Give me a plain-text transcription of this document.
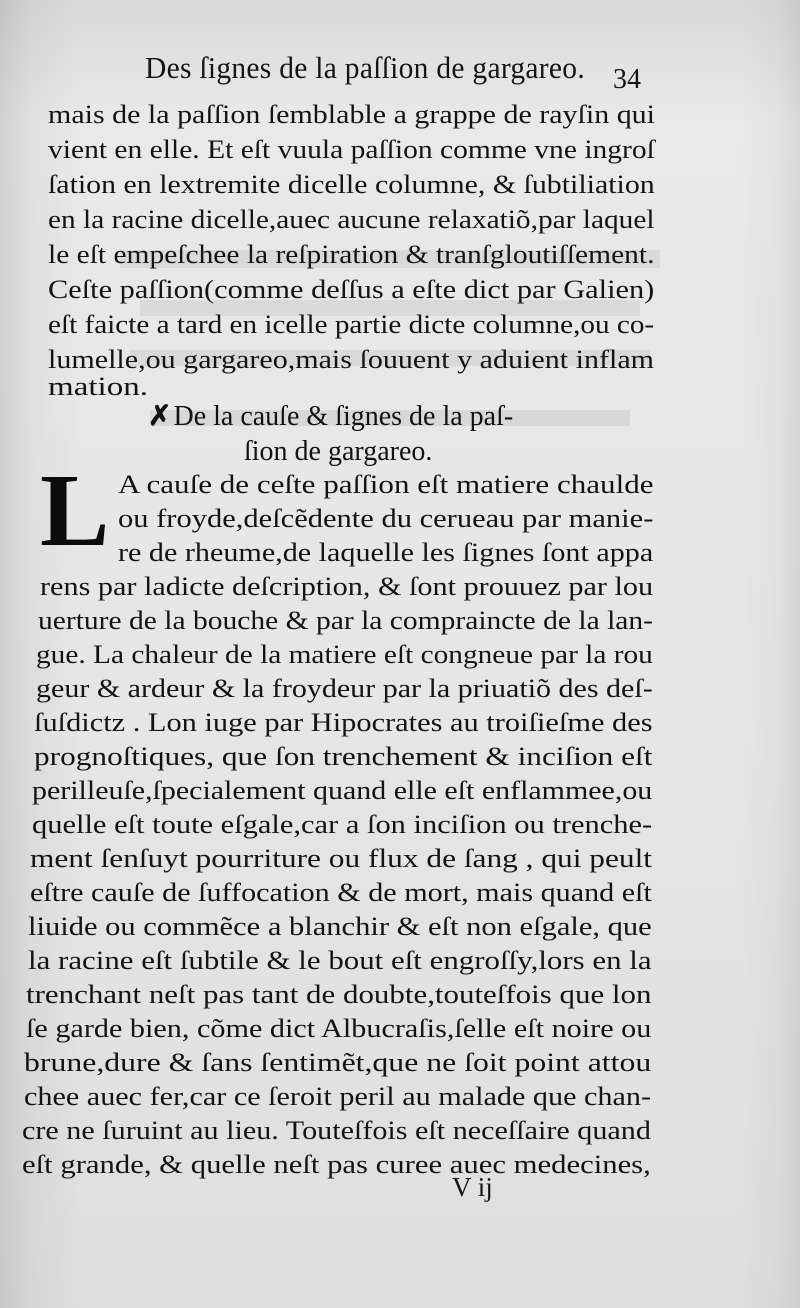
Des ſignes de la paſſion de gargareo. 34
mais de la paſſion ſemblable a grappe de rayſin qui
vient en elle. Et eſt vuula paſſion comme vne ingroſ
ſation en lextremite dicelle columne, & ſubtiliation
en la racine dicelle,auec aucune relaxatiõ,par laquel
le eſt empeſchee la reſpiration & tranſgloutiſſement.
Ceſte paſſion(comme deſſus a eſte dict par Galien)
eſt faicte a tard en icelle partie dicte columne,ou co-
lumelle,ou gargareo,mais ſouuent y aduient inflam
mation.
✗De la cauſe & ſignes de la paſ-
ſion de gargareo.
L A cauſe de ceſte paſſion eſt matiere chaulde
ou froyde,deſcẽdente du cerueau par manie-
re de rheume,de laquelle les ſignes ſont appa
rens par ladicte deſcription, & ſont prouuez par lou
uerture de la bouche & par la compraincte de la lan-
gue. La chaleur de la matiere eſt congneue par la rou
geur & ardeur & la froydeur par la priuatiõ des deſ-
ſuſdictz . Lon iuge par Hipocrates au troiſieſme des
prognoſtiques, que ſon trenchement & inciſion eſt
perilleuſe,ſpecialement quand elle eſt enflammee,ou
quelle eſt toute eſgale,car a ſon inciſion ou trenche-
ment ſenſuyt pourriture ou flux de ſang , qui peult
eſtre cauſe de ſuffocation & de mort, mais quand eſt
liuide ou commẽce a blanchir & eſt non eſgale, que
la racine eſt ſubtile & le bout eſt engroſſy,lors en la
trenchant neſt pas tant de doubte,touteſfois que lon
ſe garde bien, cõme dict Albucraſis,ſelle eſt noire ou
brune,dure & ſans ſentimẽt,que ne ſoit point attou
chee auec fer,car ce ſeroit peril au malade que chan-
cre ne ſuruint au lieu. Touteſfois eſt neceſſaire quand
eſt grande, & quelle neſt pas curee auec medecines,
V ij
